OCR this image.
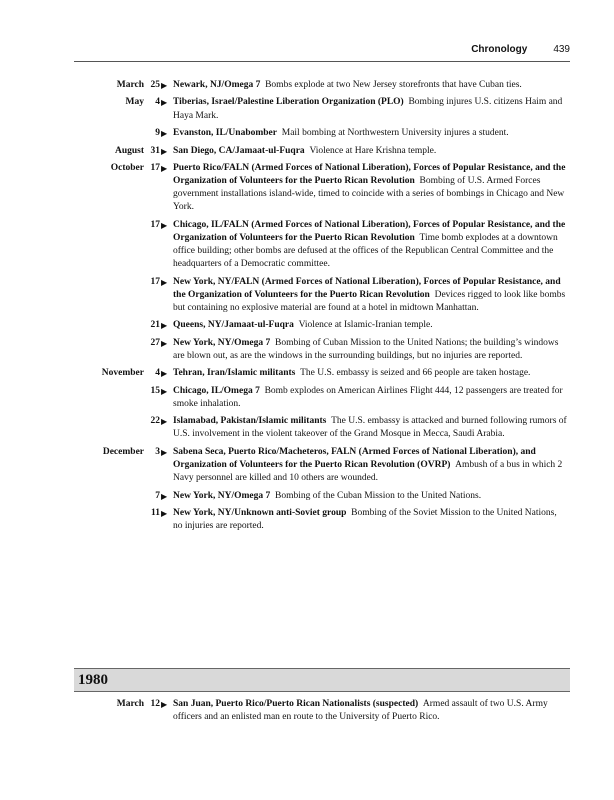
Chronology	439
March 25 ▶ Newark, NJ/Omega 7  Bombs explode at two New Jersey storefronts that have Cuban ties.
May 4 ▶ Tiberias, Israel/Palestine Liberation Organization (PLO)  Bombing injures U.S. citizens Haim and Haya Mark.
9 ▶ Evanston, IL/Unabomber  Mail bombing at Northwestern University injures a student.
August 31 ▶ San Diego, CA/Jamaat-ul-Fuqra  Violence at Hare Krishna temple.
October 17 ▶ Puerto Rico/FALN (Armed Forces of National Liberation), Forces of Popular Resistance, and the Organization of Volunteers for the Puerto Rican Revolution  Bombing of U.S. Armed Forces government installations island-wide, timed to coincide with a series of bombings in Chicago and New York.
17 ▶ Chicago, IL/FALN (Armed Forces of National Liberation), Forces of Popular Resistance, and the Organization of Volunteers for the Puerto Rican Revolution  Time bomb explodes at a downtown office building; other bombs are defused at the offices of the Republican Central Committee and the headquarters of a Democratic committee.
17 ▶ New York, NY/FALN (Armed Forces of National Liberation), Forces of Popular Resistance, and the Organization of Volunteers for the Puerto Rican Revolution  Devices rigged to look like bombs but containing no explosive material are found at a hotel in midtown Manhattan.
21 ▶ Queens, NY/Jamaat-ul-Fuqra  Violence at Islamic-Iranian temple.
27 ▶ New York, NY/Omega 7  Bombing of Cuban Mission to the United Nations; the building’s windows are blown out, as are the windows in the surrounding buildings, but no injuries are reported.
November 4 ▶ Tehran, Iran/Islamic militants  The U.S. embassy is seized and 66 people are taken hostage.
15 ▶ Chicago, IL/Omega 7  Bomb explodes on American Airlines Flight 444, 12 passengers are treated for smoke inhalation.
22 ▶ Islamabad, Pakistan/Islamic militants  The U.S. embassy is attacked and burned following rumors of U.S. involvement in the violent takeover of the Grand Mosque in Mecca, Saudi Arabia.
December 3 ▶ Sabena Seca, Puerto Rico/Macheteros, FALN (Armed Forces of National Liberation), and Organization of Volunteers for the Puerto Rican Revolution (OVRP)  Ambush of a bus in which 2 Navy personnel are killed and 10 others are wounded.
7 ▶ New York, NY/Omega 7  Bombing of the Cuban Mission to the United Nations.
11 ▶ New York, NY/Unknown anti-Soviet group  Bombing of the Soviet Mission to the United Nations, no injuries are reported.
1980
March 12 ▶ San Juan, Puerto Rico/Puerto Rican Nationalists (suspected)  Armed assault of two U.S. Army officers and an enlisted man en route to the University of Puerto Rico.
